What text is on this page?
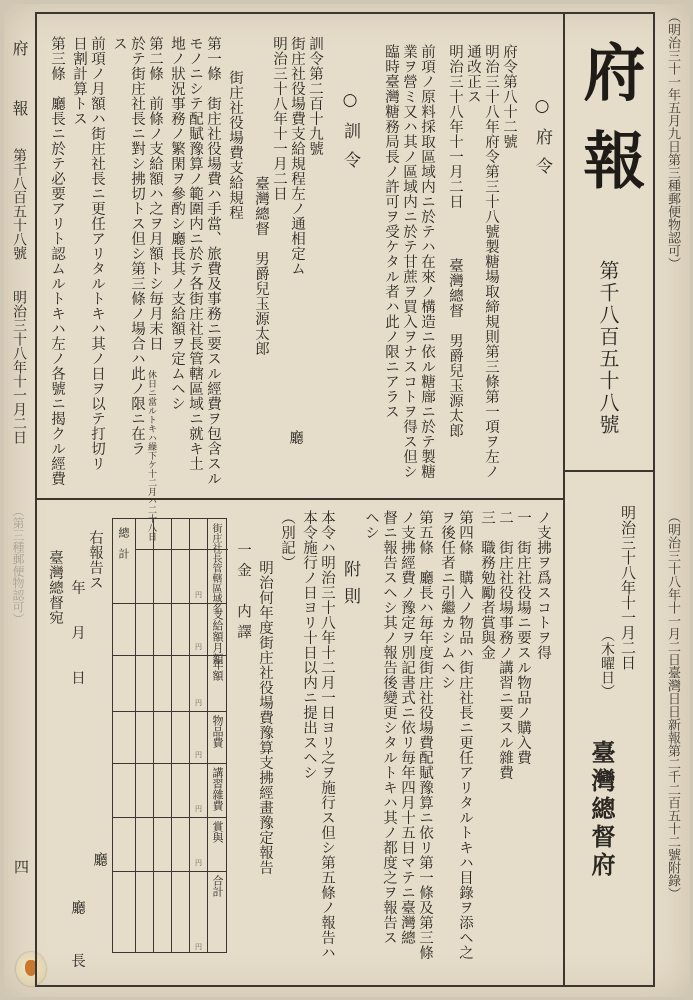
府
報
第千八百五十八號
明治三十八年十一月二日
（第三種郵便物認可）
四
（明治三十一年五月九日第三種郵便物認可）
（明治三十八年十一月二日臺灣日日新報第二千二百五十二號附錄）
府報
第千八百五十八號
明治三十八年十一月二日
（木曜日）
臺灣總督府
○府令
府令第八十二號
明治三十八年府令第三十八號製糖場取締規則第三條第一項ヲ左ノ
通改正ス
明治三十八年十一月二日
臺灣總督　男爵兒玉源太郎
前項ノ原料採取區域内ニ於テハ在來ノ構造ニ依ル糖廍ニ於テ製糖
業ヲ營ミ又ハ其ノ區域内ニ於テ甘蔗ヲ買入ヲナスコトヲ得ス但シ
臨時臺灣糖務局長ノ許可ヲ受ケタル者ハ此ノ限ニアラス
○訓令
訓令第二百十九號
街庄社役場費支給規程左ノ通相定ム
明治三十八年十一月二日
臺灣總督　男爵兒玉源太郎
廳
街庄社役場費支給規程
第一條　街庄社役場費ハ手當、旅費及事務ニ要スル經費ヲ包含スル
モノニシテ配賦豫算ノ範圍内ニ於テ各街庄社長管轄區域ニ就キ土
地ノ狀況事務ノ繁閑ヲ參酌シ廳長其ノ支給額ヲ定ムヘシ
第二條　前條ノ支給額ハ之ヲ月額トシ毎月末日
休日ニ當ルトキハ繰下ケ十二月ハ二十八日
於テ街庄社長ニ對シ拂切トス但シ第三條ノ場合ハ此ノ限ニ在ラ
ス
前項ノ月額ハ街庄社長ニ更任アリタルトキハ其ノ日ヲ以テ打切リ
日割計算トス
第三條　廳長ニ於テ必要アリト認ムルトキハ左ノ各號ニ揭クル經費
ノ支拂ヲ爲スコトヲ得
一　街庄社役場ニ要スル物品ノ購入費
二　街庄社役場事務ノ講習ニ要スル雜費
三　職務勉勵者賞與金
第四條　購入ノ物品ハ街庄社長ニ更任アリタルトキハ目錄ヲ添ヘ之
ヲ後任者ニ引繼カシムヘシ
第五條　廳長ハ毎年度街庄社役場費配賦豫算ニ依リ第一條及第三條
ノ支拂經費ノ豫定ヲ別記書式ニ依リ毎年四月十五日マテニ臺灣總
督ニ報告スヘシ其ノ報告後變更シタルトキハ其ノ都度之ヲ報告ス
ヘシ
附則
本令ハ明治三十八年十二月一日ヨリ之ヲ施行ス但シ第五條ノ報告ハ
本令施行ノ日ヨリ十日以内ニ提出スヘシ
（別記）
明治何年度街庄社役場費豫算支拂經畫豫定報告
一金　内譯
右報告ス
年　月　日
臺灣總督宛
廳　長
廳
街庄社長管轄區域名
支給額月額
年額
物品費
講習雜費
賞與
合計
總計
円
円
円
円
円
円
円
